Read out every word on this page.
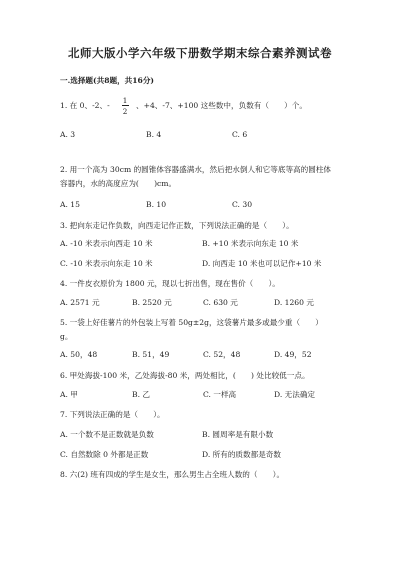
北师大版小学六年级下册数学期末综合素养测试卷
一.选择题(共8题，共16分)
1. 在 0、-2、-
1
2
、+4、-7、+100 这些数中，负数有（　　）个。
A. 3	B. 4	C. 6
2. 用一个高为 30cm 的圆锥体容器盛满水，然后把水倒人和它等底等高的圆柱体
容器内，水的高度应为(　　)cm。
A. 15	B. 10	C. 30
3. 把向东走记作负数，向西走记作正数，下列说法正确的是（　　）。
A. -10 米表示向西走 10 米	B. +10 米表示向东走 10 米
C. -10 米表示向东走 10 米	D. 向西走 10 米也可以记作+10 米
4. 一件皮衣原价为 1800 元，现以七折出售，现在售价（　　）。
A. 2571 元	B. 2520 元	C. 630 元	D. 1260 元
5. 一袋上好佳薯片的外包装上写着 50g±2g，这袋薯片最多或最少重（　　）
g。
A. 50，48	B. 51，49	C. 52，48	D. 49，52
6. 甲处海拔-100 米，乙处海拔-80 米，两处相比，(　　) 处比较低一点。
A. 甲	B. 乙	C. 一样高	D. 无法确定
7. 下列说法正确的是（　　）。
A. 一个数不是正数就是负数	B. 圆周率是有限小数
C. 自然数除 0 外都是正数	D. 所有的质数都是奇数
8. 六(2) 班有四成的学生是女生，那么男生占全班人数的（　　）。
